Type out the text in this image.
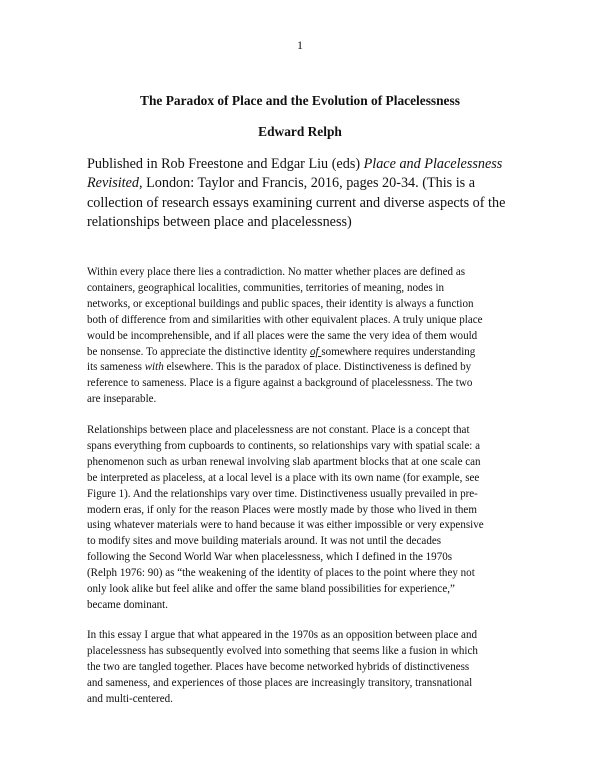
1
The Paradox of Place and the Evolution of Placelessness
Edward Relph
Published in Rob Freestone and Edgar Liu (eds) Place and Placelessness
Revisited, London: Taylor and Francis, 2016, pages 20-34. (This is a
collection of research essays examining current and diverse aspects of the
relationships between place and placelessness)
Within every place there lies a contradiction. No matter whether places are defined as
containers, geographical localities, communities, territories of meaning, nodes in
networks, or exceptional buildings and public spaces, their identity is always a function
both of difference from and similarities with other equivalent places. A truly unique place
would be incomprehensible, and if all places were the same the very idea of them would
be nonsense. To appreciate the distinctive identity of somewhere requires understanding
its sameness with elsewhere. This is the paradox of place. Distinctiveness is defined by
reference to sameness. Place is a figure against a background of placelessness. The two
are inseparable.
Relationships between place and placelessness are not constant. Place is a concept that
spans everything from cupboards to continents, so relationships vary with spatial scale: a
phenomenon such as urban renewal involving slab apartment blocks that at one scale can
be interpreted as placeless, at a local level is a place with its own name (for example, see
Figure 1). And the relationships vary over time. Distinctiveness usually prevailed in pre-
modern eras, if only for the reason Places were mostly made by those who lived in them
using whatever materials were to hand because it was either impossible or very expensive
to modify sites and move building materials around. It was not until the decades
following the Second World War when placelessness, which I defined in the 1970s
(Relph 1976: 90) as “the weakening of the identity of places to the point where they not
only look alike but feel alike and offer the same bland possibilities for experience,”
became dominant.
In this essay I argue that what appeared in the 1970s as an opposition between place and
placelessness has subsequently evolved into something that seems like a fusion in which
the two are tangled together. Places have become networked hybrids of distinctiveness
and sameness, and experiences of those places are increasingly transitory, transnational
and multi-centered.
